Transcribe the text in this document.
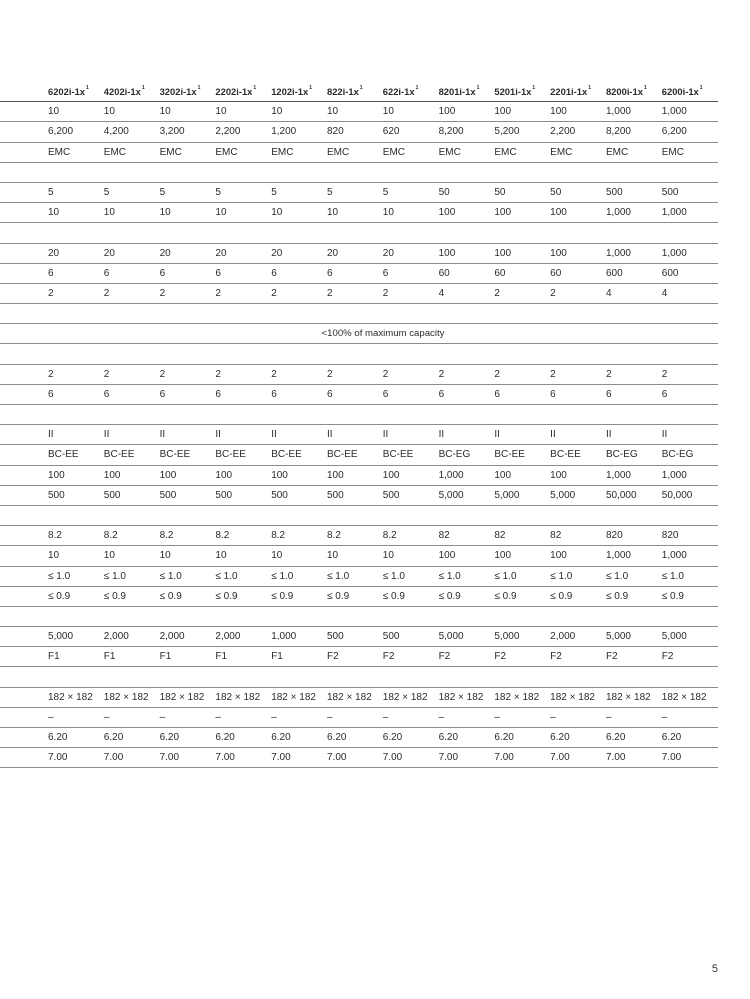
$6202i-1x^1$	$4202i-1x^1$	$3202i-1x^1$	$2202i-1x^1$	$1202i-1x^1$	$822i-1x^1$	$622i-1x^1$	$8201i-1x^1$	$5201i-1x^1$	$2201i-1x^1$	$8200i-1x^1$	$6200i-1x^1$
10	10	10	10	10	10	10	100	100	100	1,000	1,000
6,200	4,200	3,200	2,200	1,200	820	620	8,200	5,200	2,200	8,200	6,200
EMC	EMC	EMC	EMC	EMC	EMC	EMC	EMC	EMC	EMC	EMC	EMC
5	5	5	5	5	5	5	50	50	50	500	500
10	10	10	10	10	10	10	100	100	100	1,000	1,000
20	20	20	20	20	20	20	100	100	100	1,000	1,000
6	6	6	6	6	6	6	60	60	60	600	600
2	2	2	2	2	2	2	4	2	2	4	4
<100% of maximum capacity
2	2	2	2	2	2	2	2	2	2	2	2
6	6	6	6	6	6	6	6	6	6	6	6
II	II	II	II	II	II	II	II	II	II	II	II
BC-EE	BC-EE	BC-EE	BC-EE	BC-EE	BC-EE	BC-EE	BC-EG	BC-EE	BC-EE	BC-EG	BC-EG
100	100	100	100	100	100	100	1,000	100	100	1,000	1,000
500	500	500	500	500	500	500	5,000	5,000	5,000	50,000	50,000
8.2	8.2	8.2	8.2	8.2	8.2	8.2	82	82	82	820	820
10	10	10	10	10	10	10	100	100	100	1,000	1,000
≤ 1.0	≤ 1.0	≤ 1.0	≤ 1.0	≤ 1.0	≤ 1.0	≤ 1.0	≤ 1.0	≤ 1.0	≤ 1.0	≤ 1.0	≤ 1.0
≤ 0.9	≤ 0.9	≤ 0.9	≤ 0.9	≤ 0.9	≤ 0.9	≤ 0.9	≤ 0.9	≤ 0.9	≤ 0.9	≤ 0.9	≤ 0.9
5,000	2,000	2,000	2,000	1,000	500	500	5,000	5,000	2,000	5,000	5,000
F1	F1	F1	F1	F1	F2	F2	F2	F2	F2	F2	F2
182 × 182	182 × 182	182 × 182	182 × 182	182 × 182	182 × 182	182 × 182	182 × 182	182 × 182	182 × 182	182 × 182	182 × 182
–	–	–	–	–	–	–	–	–	–	–	–
6.20	6.20	6.20	6.20	6.20	6.20	6.20	6.20	6.20	6.20	6.20	6.20
7.00	7.00	7.00	7.00	7.00	7.00	7.00	7.00	7.00	7.00	7.00	7.00
5
